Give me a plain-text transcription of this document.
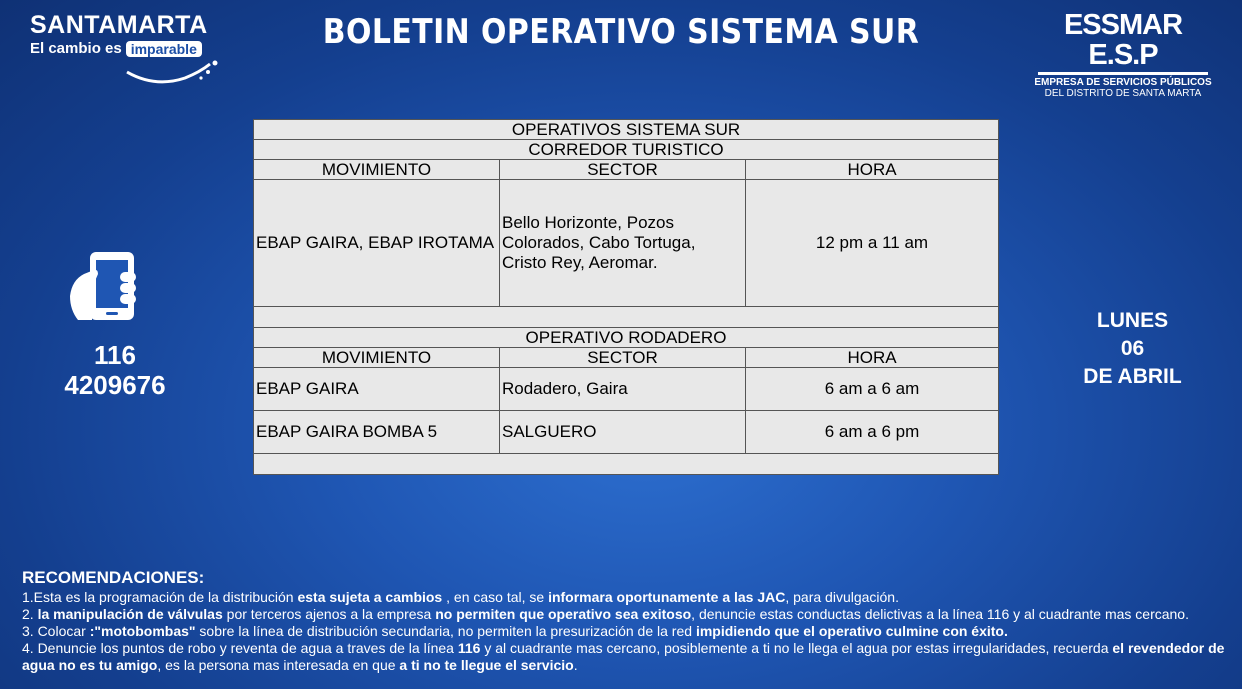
SANTAMARTA
El cambio es imparable	BOLETIN OPERATIVO SISTEMA SUR	ESSMAR E.S.P
EMPRESA DE SERVICIOS PÚBLICOS
DEL DISTRITO DE SANTA MARTA
116
4209676
LUNES
06
DE ABRIL
OPERATIVOS SISTEMA SUR		
CORREDOR TURISTICO		
MOVIMIENTO	SECTOR	HORA
EBAP GAIRA, EBAP IROTAMA	Bello Horizonte, Pozos Colorados, Cabo Tortuga, Cristo Rey, Aeromar.	12 pm a 11 am

OPERATIVO RODADERO		
MOVIMIENTO	SECTOR	HORA
EBAP GAIRA	Rodadero, Gaira	6 am a 6 am
EBAP GAIRA BOMBA 5	SALGUERO	6 am a 6 pm

RECOMENDACIONES:

1.Esta es la programación de la distribución esta sujeta a cambios , en caso tal, se informara oportunamente a las JAC, para divulgación.

2. la manipulación de válvulas por terceros ajenos a la empresa no permiten que operativo sea exitoso, denuncie estas conductas delictivas a la línea 116 y al cuadrante mas cercano.

3. Colocar :"motobombas" sobre la línea de distribución secundaria, no permiten la presurización de la red impidiendo que el operativo culmine con éxito.

4. Denuncie los puntos de robo y reventa de agua a traves de la línea 116 y al cuadrante mas cercano, posiblemente a ti no le llega el agua por estas irregularidades, recuerda el revendedor de agua no es tu amigo, es la persona mas interesada en que a ti no te llegue el servicio.
